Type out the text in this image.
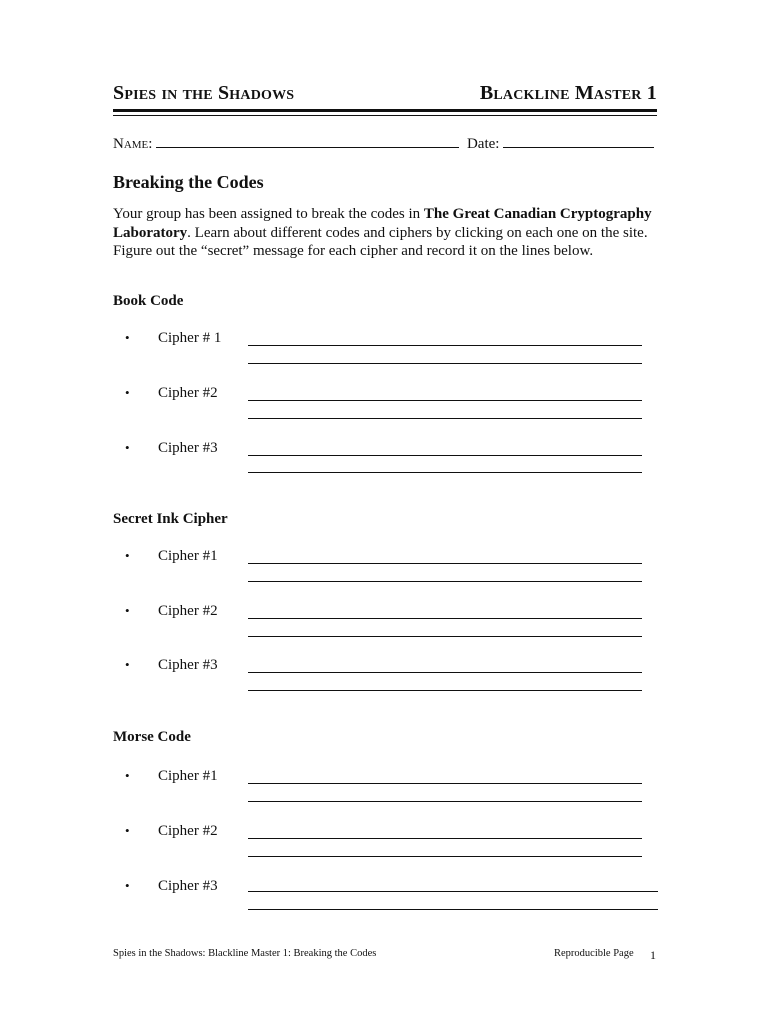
Spies in the Shadows	Blackline Master 1
Name:	Date:
Breaking the Codes

Your group has been assigned to break the codes in The Great Canadian Cryptography Laboratory. Learn about different codes and ciphers by clicking on each one on the site. Figure out the “secret” message for each cipher and record it on the lines below.

Book Code
• Cipher # 1
• Cipher #2
• Cipher #3
Secret Ink Cipher
• Cipher #1
• Cipher #2
• Cipher #3
Morse Code
• Cipher #1
• Cipher #2
• Cipher #3
Spies in the Shadows: Blackline Master 1: Breaking the Codes	Reproducible Page 1
